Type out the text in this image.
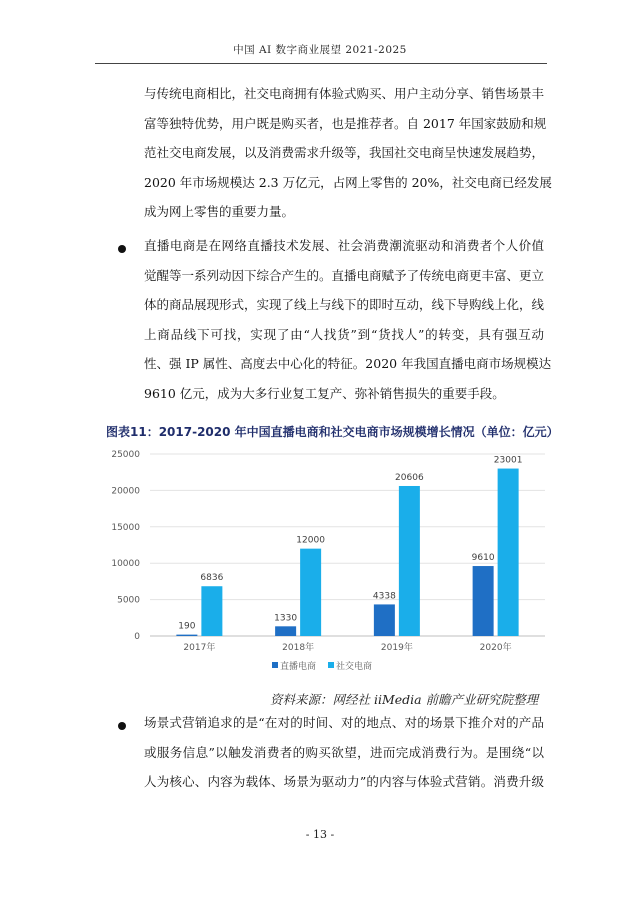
中国 AI 数字商业展望 2021-2025
与传统电商相比，社交电商拥有体验式购买、用户主动分享、销售场景丰
富等独特优势，用户既是购买者，也是推荐者。自 2017 年国家鼓励和规
范社交电商发展，以及消费需求升级等，我国社交电商呈快速发展趋势，
2020 年市场规模达 2.3 万亿元，占网上零售的 20%，社交电商已经发展
成为网上零售的重要力量。
直播电商是在网络直播技术发展、社会消费潮流驱动和消费者个人价值
觉醒等一系列动因下综合产生的。直播电商赋予了传统电商更丰富、更立
体的商品展现形式，实现了线上与线下的即时互动，线下导购线上化，线
上商品线下可找，实现了由“人找货”到“货找人”的转变，具有强互动
性、强 IP 属性、高度去中心化的特征。2020 年我国直播电商市场规模达
9610 亿元，成为大多行业复工复产、弥补销售损失的重要手段。
图表11：2017-2020 年中国直播电商和社交电商市场规模增长情况（单位：亿元）
0
5000
10000
15000
20000
25000
2017年
190
6836
2018年
1330
12000
2019年
4338
20606
2020年
9610
23001
直播电商 社交电商
资料来源：网经社 iiMedia 前瞻产业研究院整理
场景式营销追求的是“在对的时间、对的地点、对的场景下推介对的产品
或服务信息”以触发消费者的购买欲望，进而完成消费行为。是围绕“以
人为核心、内容为载体、场景为驱动力”的内容与体验式营销。消费升级
- 13 -
